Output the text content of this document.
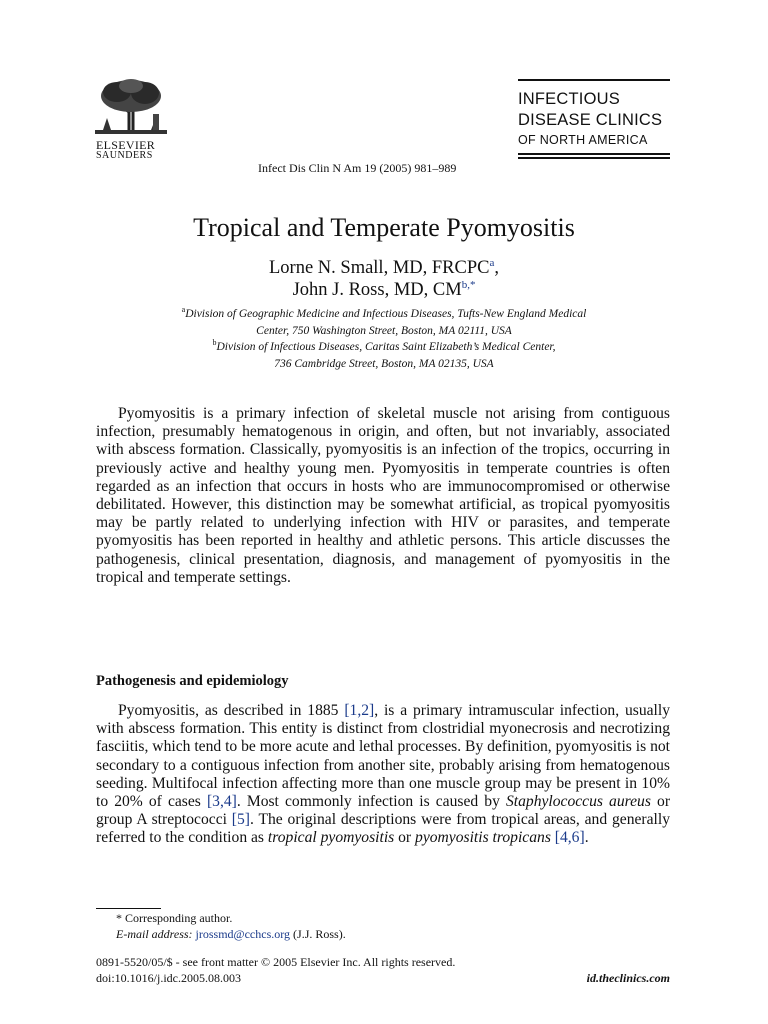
ELSEVIER
SAUNDERS
Infect Dis Clin N Am 19 (2005) 981–989
INFECTIOUS
DISEASE CLINICS
OF NORTH AMERICA
Tropical and Temperate Pyomyositis
Lorne N. Small, MD, FRCPC$^a$,
John J. Ross, MD, $CM^{b,*}$
$^a$Division of Geographic Medicine and Infectious Diseases, Tufts-New England Medical
Center, 750 Washington Street, Boston, MA 02111, USA
$^b$Division of Infectious Diseases, Caritas Saint Elizabeth’s Medical Center,
736 Cambridge Street, Boston, MA 02135, USA

Pyomyositis is a primary infection of skeletal muscle not arising from contiguous infection, presumably hematogenous in origin, and often, but not invariably, associated with abscess formation. Classically, pyomyositis is an infection of the tropics, occurring in previously active and healthy young men. Pyomyositis in temperate countries is often regarded as an infection that occurs in hosts who are immunocompromised or otherwise debilitated. However, this distinction may be somewhat artificial, as tropical pyomyositis may be partly related to underlying infection with HIV or parasites, and temperate pyomyositis has been reported in healthy and athletic persons. This article discusses the pathogenesis, clinical presentation, diagnosis, and management of pyomyositis in the tropical and temperate settings.

Pathogenesis and epidemiology

Pyomyositis, as described in 1885 [1,2], is a primary intramuscular infection, usually with abscess formation. This entity is distinct from clostridial myonecrosis and necrotizing fasciitis, which tend to be more acute and lethal processes. By definition, pyomyositis is not secondary to a contiguous infection from another site, probably arising from hematogenous seeding. Multifocal infection affecting more than one muscle group may be present in 10% to 20% of cases [3,4]. Most commonly infection is caused by Staphylococcus aureus or group A streptococci [5]. The original descriptions were from tropical areas, and generally referred to the condition as tropical pyomyositis or pyomyositis tropicans [4,6].

* Corresponding author.
E-mail address: jrossmd@cchcs.org (J.J. Ross).
0891-5520/05/$ - see front matter © 2005 Elsevier Inc. All rights reserved.
doi:10.1016/j.idc.2005.08.003	id.theclinics.com
